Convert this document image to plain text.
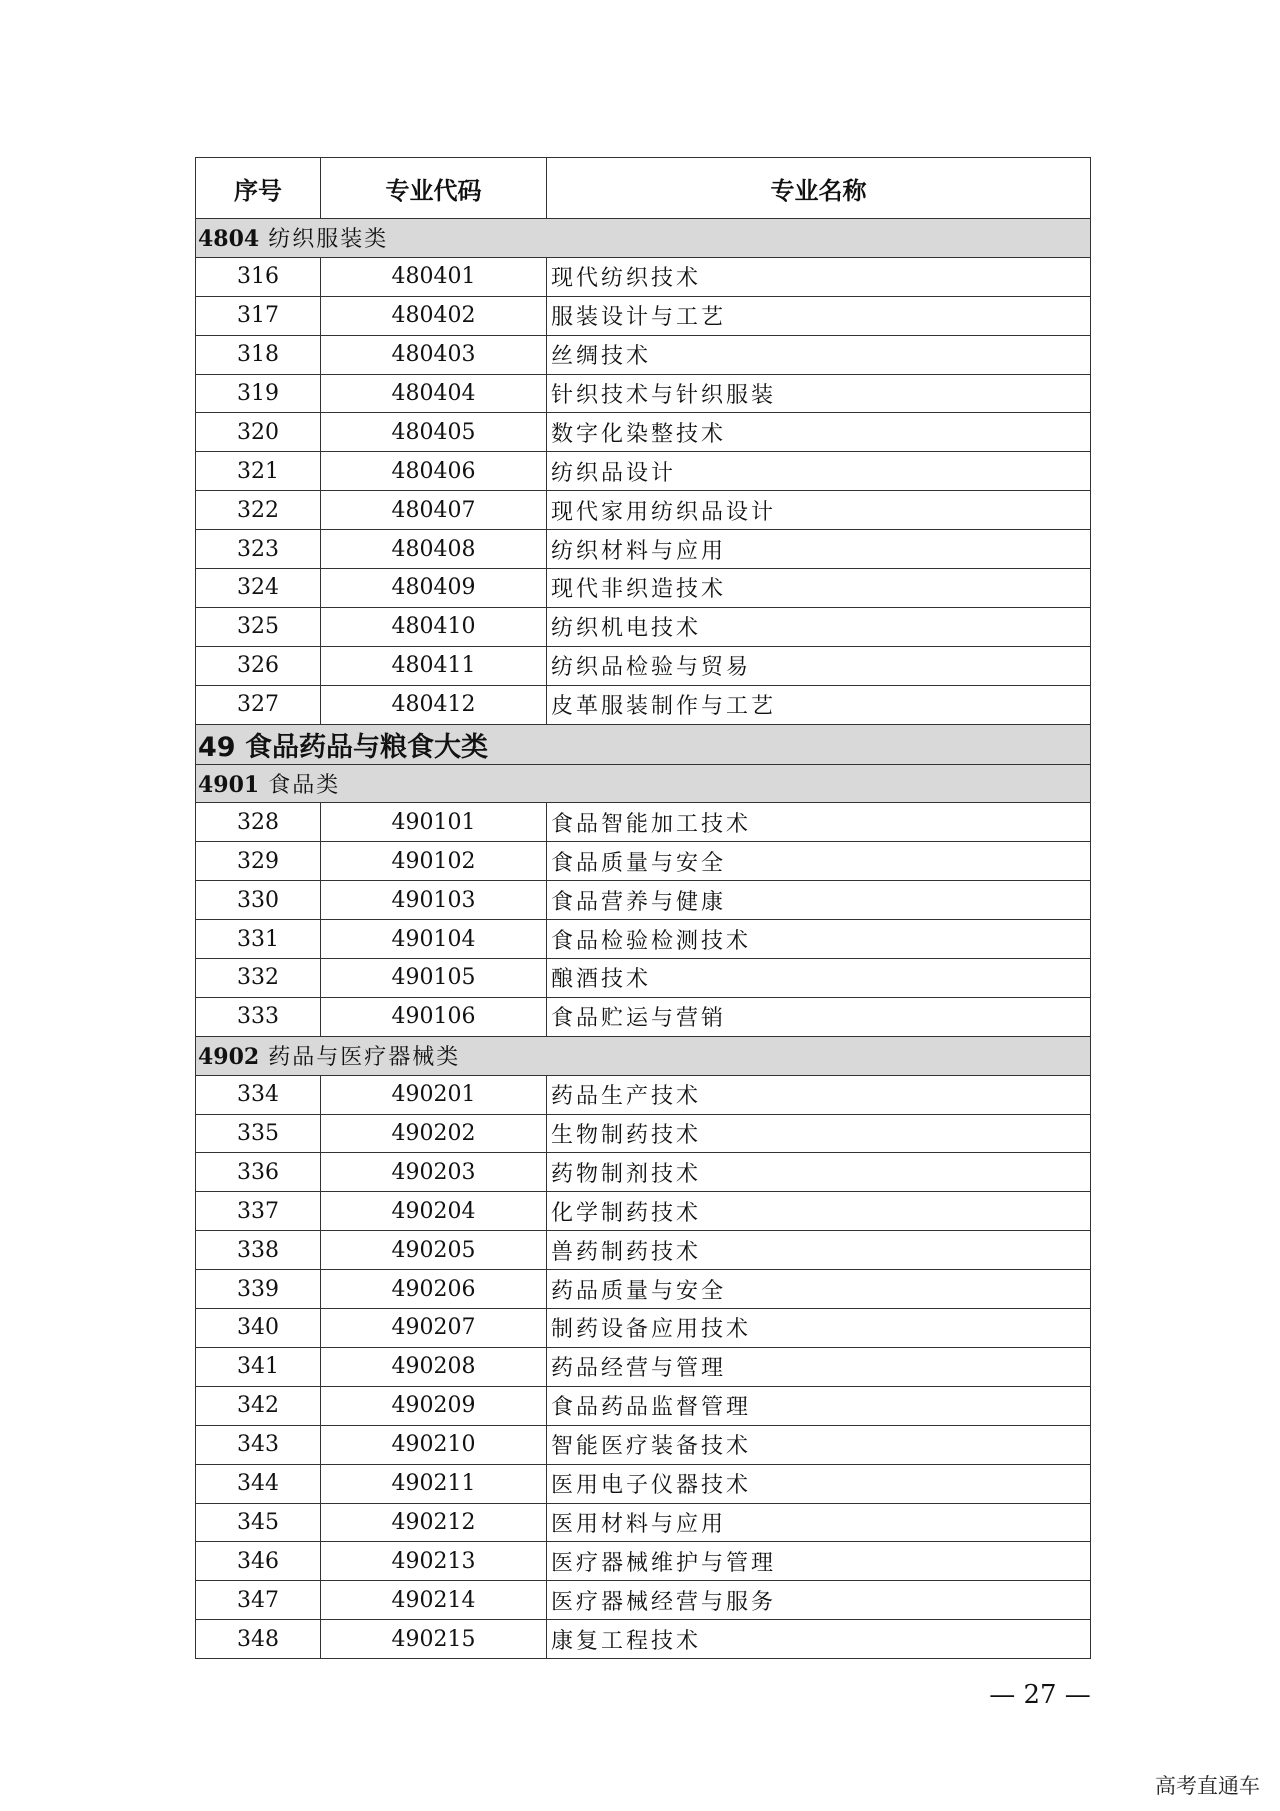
序号	专业代码	专业名称
4804 纺织服装类		
316	480401	现代纺织技术
317	480402	服装设计与工艺
318	480403	丝绸技术
319	480404	针织技术与针织服装
320	480405	数字化染整技术
321	480406	纺织品设计
322	480407	现代家用纺织品设计
323	480408	纺织材料与应用
324	480409	现代非织造技术
325	480410	纺织机电技术
326	480411	纺织品检验与贸易
327	480412	皮革服装制作与工艺
49 食品药品与粮食大类		
4901 食品类		
328	490101	食品智能加工技术
329	490102	食品质量与安全
330	490103	食品营养与健康
331	490104	食品检验检测技术
332	490105	酿酒技术
333	490106	食品贮运与营销
4902 药品与医疗器械类		
334	490201	药品生产技术
335	490202	生物制药技术
336	490203	药物制剂技术
337	490204	化学制药技术
338	490205	兽药制药技术
339	490206	药品质量与安全
340	490207	制药设备应用技术
341	490208	药品经营与管理
342	490209	食品药品监督管理
343	490210	智能医疗装备技术
344	490211	医用电子仪器技术
345	490212	医用材料与应用
346	490213	医疗器械维护与管理
347	490214	医疗器械经营与服务
348	490215	康复工程技术
— 27 —
高考直通车
